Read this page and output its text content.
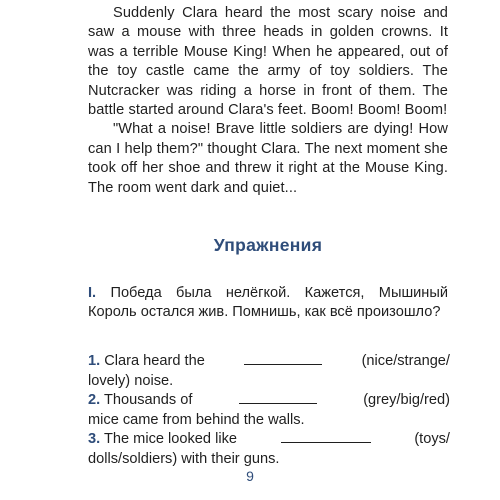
Suddenly Clara heard the most scary noise and saw a mouse with three heads in golden crowns. It was a terrible Mouse King! When he appeared, out of the toy castle came the army of toy soldiers. The Nutcracker was riding a horse in front of them. The battle started around Clara's feet. Boom! Boom! Boom!

"What a noise! Brave little soldiers are dying! How can I help them?" thought Clara. The next moment she took off her shoe and threw it right at the Mouse King. The room went dark and quiet...

Упражнения
I. Победа была нелёгкой. Кажется, Мышиный Король остался жив. Помнишь, как всё произошло?
1. Clara heard the	(nice/strange/
lovely) noise.
2. Thousands of	(grey/big/red)
mice came from behind the walls.
3. The mice looked like	(toys/
dolls/soldiers) with their guns.
9
